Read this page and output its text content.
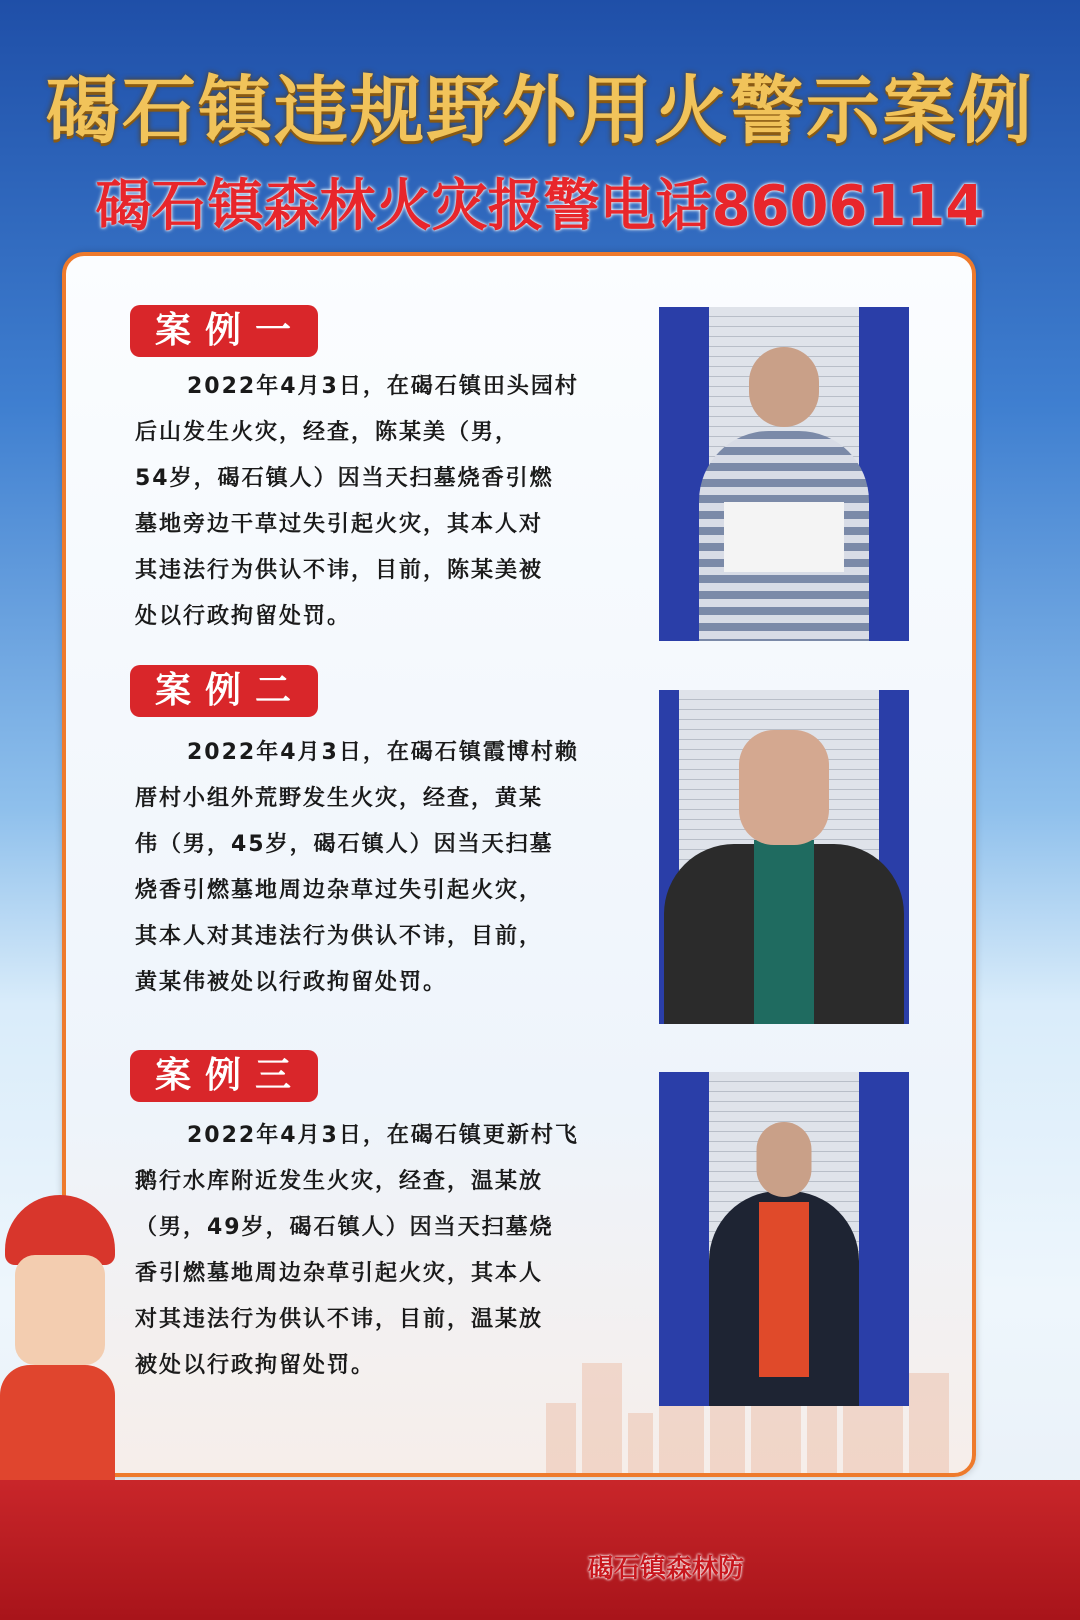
碣石镇违规野外用火警示案例
碣石镇森林火灾报警电话8606114
碣石镇森林防
案例一
2022年4月3日，在碣石镇田头园村
后山发生火灾，经查，陈某美（男，
54岁，碣石镇人）因当天扫墓烧香引燃
墓地旁边干草过失引起火灾，其本人对
其违法行为供认不讳，目前，陈某美被
处以行政拘留处罚。
案例二
2022年4月3日，在碣石镇霞博村赖
厝村小组外荒野发生火灾，经查，黄某
伟（男，45岁，碣石镇人）因当天扫墓
烧香引燃墓地周边杂草过失引起火灾，
其本人对其违法行为供认不讳，目前，
黄某伟被处以行政拘留处罚。
案例三
2022年4月3日，在碣石镇更新村飞
鹅行水库附近发生火灾，经查，温某放
（男，49岁，碣石镇人）因当天扫墓烧
香引燃墓地周边杂草引起火灾，其本人
对其违法行为供认不讳，目前，温某放
被处以行政拘留处罚。
